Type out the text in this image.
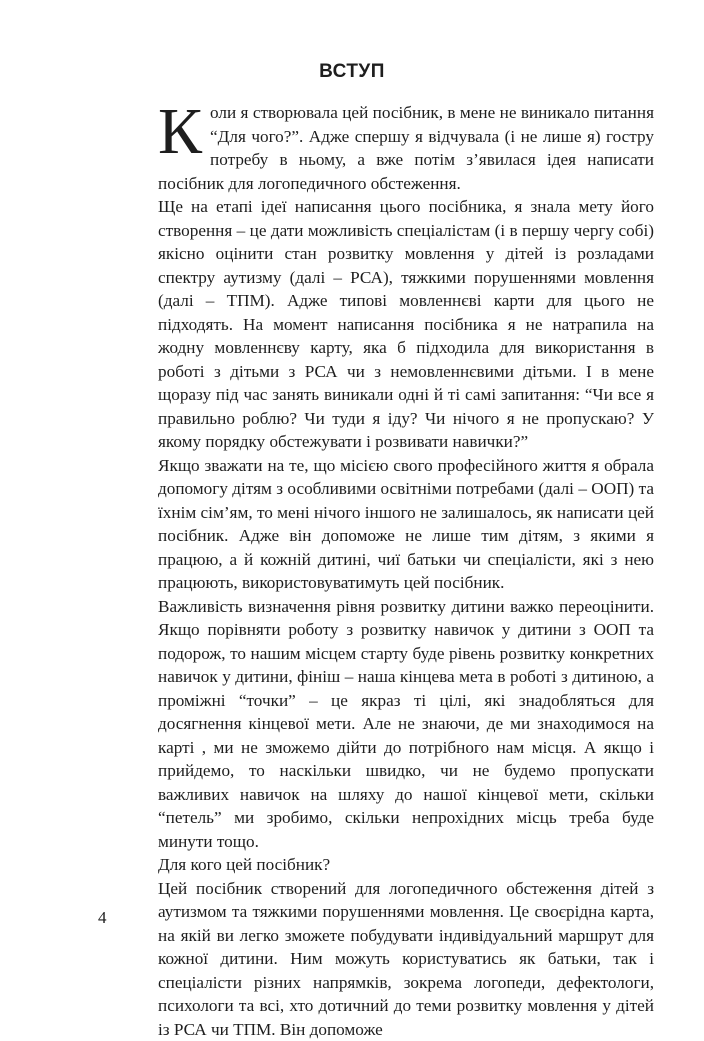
ВСТУП

Коли я створювала цей посібник, в мене не виникало питання “Для чого?”. Адже спершу я відчувала (і не лише я) гостру потребу в ньому, а вже потім з’явилася ідея написати посібник для логопедичного обстеження.

Ще на етапі ідеї написання цього посібника, я знала мету його створення – це дати можливість спеціалістам (і в першу чергу собі) якісно оцінити стан розвитку мовлення у дітей із розладами спектру аутизму (далі – РСА), тяжкими порушеннями мовлення (далі – ТПМ). Адже типові мовленнєві карти для цього не підходять. На момент написання посібника я не натрапила на жодну мовленнєву карту, яка б підходила для використання в роботі з дітьми з РСА чи з немовленнєвими дітьми. І в мене щоразу під час занять виникали одні й ті самі запитання: “Чи все я правильно роблю? Чи туди я іду? Чи нічого я не пропускаю? У якому порядку обстежувати і розвивати навички?”

Якщо зважати на те, що місією свого професійного життя я обрала допомогу дітям з особливими освітніми потребами (далі – ООП) та їхнім сім’ям, то мені нічого іншого не залишалось, як написати цей посібник. Адже він допоможе не лише тим дітям, з якими я працюю, а й кожній дитині, чиї батьки чи спеціалісти, які з нею працюють, використовуватимуть цей посібник.

Важливість визначення рівня розвитку дитини важко переоцінити. Якщо порівняти роботу з розвитку навичок у дитини з ООП та подорож, то нашим місцем старту буде рівень розвитку конкретних навичок у дитини, фініш – наша кінцева мета в роботі з дитиною, а проміжні “точки” – це якраз ті цілі, які знадобляться для досягнення кінцевої мети. Але не знаючи, де ми знаходимося на карті , ми не зможемо дійти до потрібного нам місця. А якщо і прийдемо, то наскільки швидко, чи не будемо пропускати важливих навичок на шляху до нашої кінцевої мети, скільки “петель” ми зробимо, скільки непрохідних місць треба буде минути тощо.

Для кого цей посібник?

Цей посібник створений для логопедичного обстеження дітей з аутизмом та тяжкими порушеннями мовлення. Це своєрідна карта, на якій ви легко зможете побудувати індивідуальний маршрут для кожної дитини. Ним можуть користуватись як батьки, так і спеціалісти різних напрямків, зокрема логопеди, дефектологи, психологи та всі, хто дотичний до теми розвитку мовлення у дітей із РСА чи ТПМ. Він допоможе

4
